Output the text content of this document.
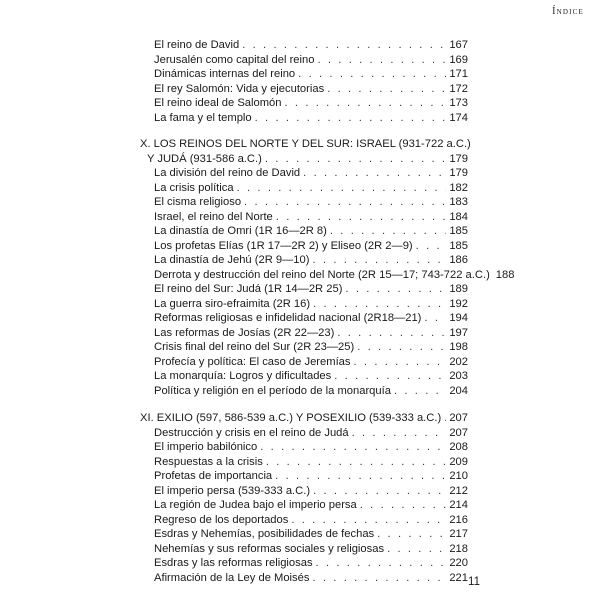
Índice
El reino de David . . .	167
Jerusalén como capital del reino . . .	169
Dinámicas internas del reino . . .	171
El rey Salomón: Vida y ejecutorias . . .	172
El reino ideal de Salomón . . .	173
La fama y el templo . . .	174
X. LOS REINOS DEL NORTE Y DEL SUR: ISRAEL (931-722 a.C.)
Y JUDÁ (931-586 a.C.) . . .	179
La división del reino de David . . .	179
La crisis política . . .	182
El cisma religioso . . .	183
Israel, el reino del Norte . . .	184
La dinastía de Omri (1R 16—2R 8) . . .	185
Los profetas Elías (1R 17—2R 2) y Eliseo (2R 2—9) . . .	185
La dinastía de Jehú (2R 9—10) . . .	186
Derrota y destrucción del reino del Norte (2R 15—17; 743-722 a.C.) 188
El reino del Sur: Judá (1R 14—2R 25) . . .	189
La guerra siro-efraimita (2R 16) . . .	192
Reformas religiosas e infidelidad nacional (2R18—21) . . . 194
Las reformas de Josías (2R 22—23) . . .	197
Crisis final del reino del Sur (2R 23—25) . . .	198
Profecía y política: El caso de Jeremías . . .	202
La monarquía: Logros y dificultades . . .	203
Política y religión en el período de la monarquía . . .	204
XI. EXILIO (597, 586-539 a.C.) Y POSEXILIO (539-333 a.C.) . . . 207
Destrucción y crisis en el reino de Judá . . .	207
El imperio babilónico . . .	208
Respuestas a la crisis . . .	209
Profetas de importancia . . .	210
El imperio persa (539-333 a.C.) . . .	212
La región de Judea bajo el imperio persa . . .	214
Regreso de los deportados . . .	216
Esdras y Nehemías, posibilidades de fechas . . .	217
Nehemías y sus reformas sociales y religiosas . . .	218
Esdras y las reformas religiosas . . .	220
Afirmación de la Ley de Moisés . . .	221 11
